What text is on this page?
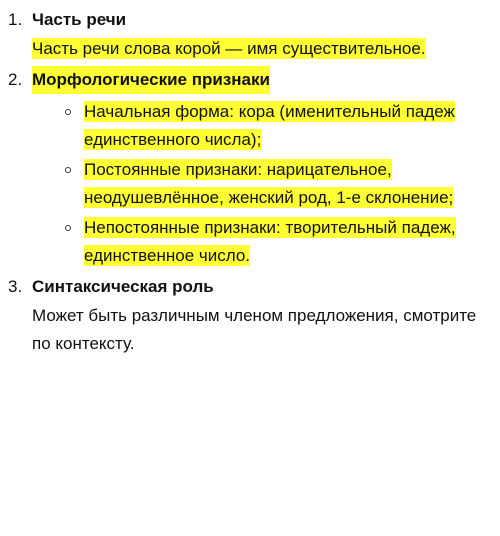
1. Часть речи

Часть речи слова корой — имя существительное.

2. Морфологические признаки
Начальная форма: кора (именительный падеж единственного числа);
Постоянные признаки: нарицательное, неодушевлённое, женский род, 1-е склонение;
Непостоянные признаки: творительный падеж, единственное число.
3. Синтаксическая роль

Может быть различным членом предложения, смотрите по контексту.
